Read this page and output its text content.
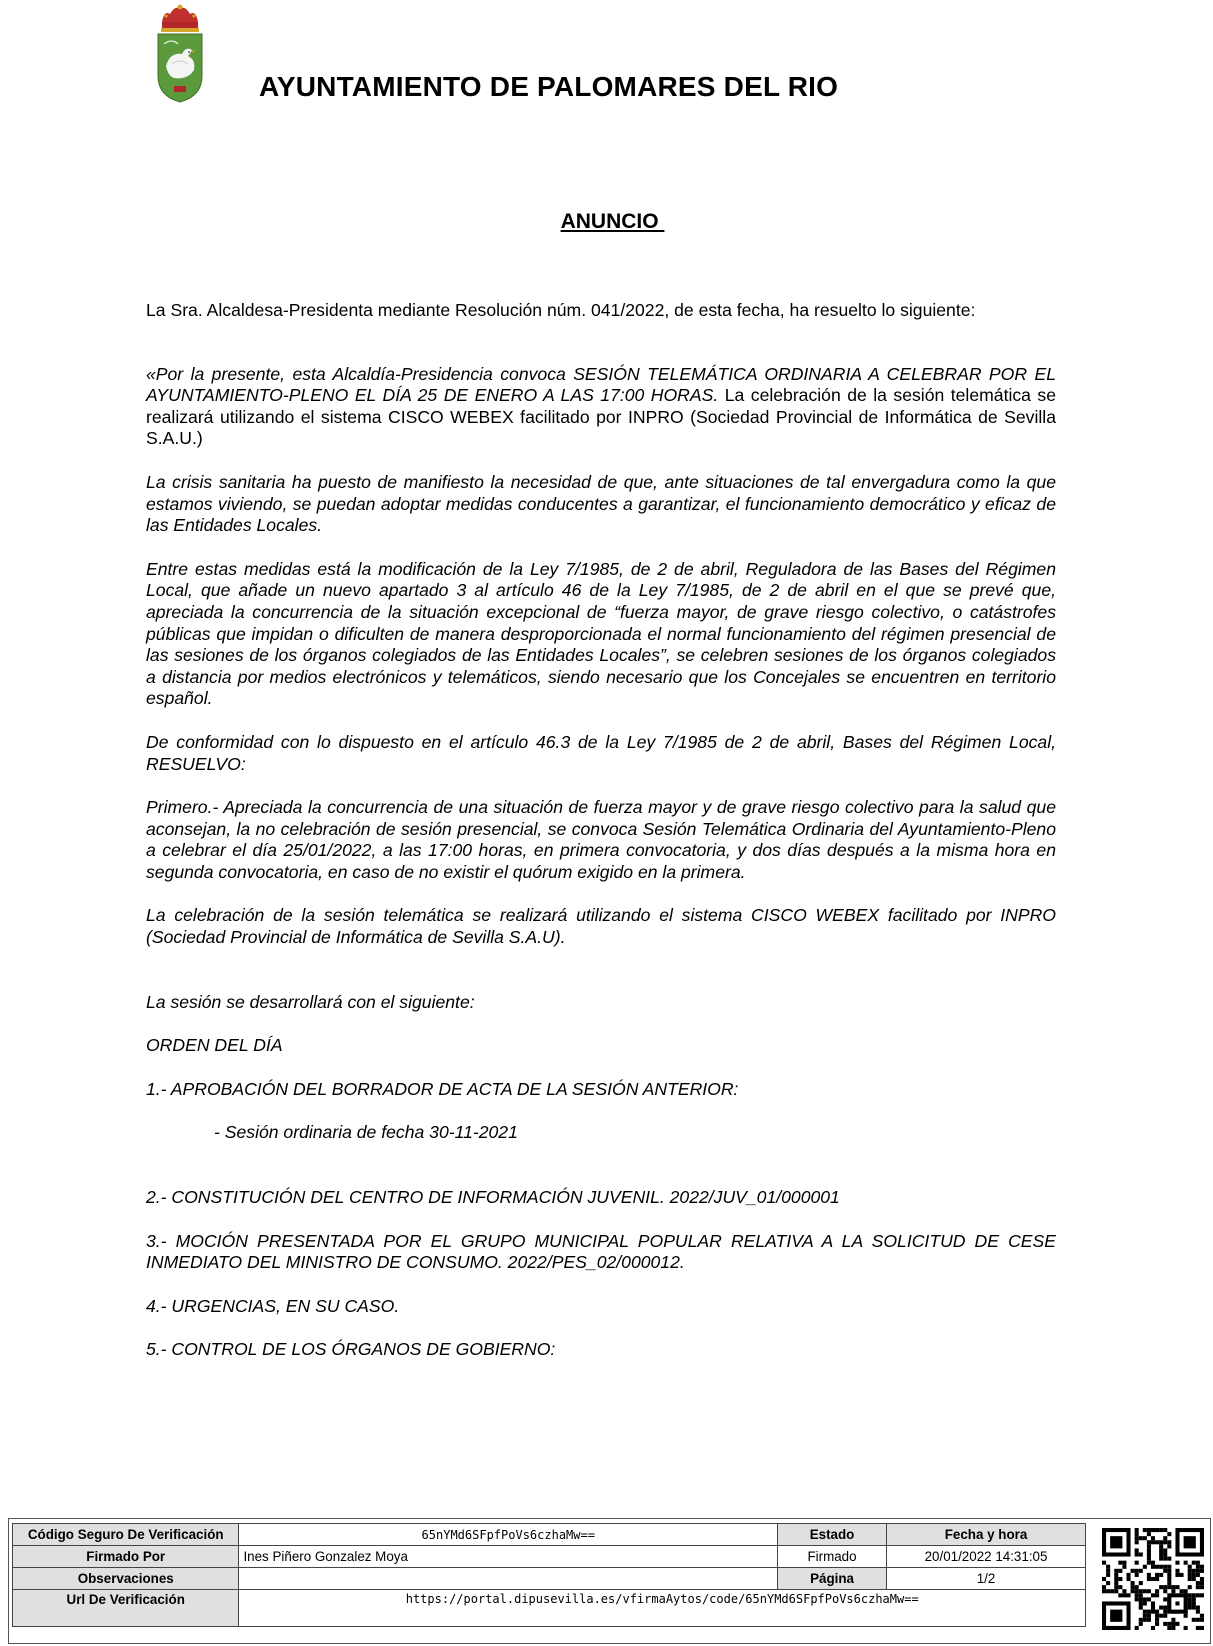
AYUNTAMIENTO DE PALOMARES DEL RIO
ANUNCIO

La Sra. Alcaldesa-Presidenta mediante Resolución núm. 041/2022, de esta fecha, ha resuelto lo siguiente:

«Por la presente, esta Alcaldía-Presidencia convoca SESIÓN TELEMÁTICA ORDINARIA A CELEBRAR POR EL AYUNTAMIENTO-PLENO EL DÍA 25 DE ENERO A LAS 17:00 HORAS. La celebración de la sesión telemática se realizará utilizando el sistema CISCO WEBEX facilitado por INPRO (Sociedad Provincial de Informática de Sevilla S.A.U.)

La crisis sanitaria ha puesto de manifiesto la necesidad de que, ante situaciones de tal envergadura como la que estamos viviendo, se puedan adoptar medidas conducentes a garantizar, el funcionamiento democrático y eficaz de las Entidades Locales.

Entre estas medidas está la modificación de la Ley 7/1985, de 2 de abril, Reguladora de las Bases del Régimen Local, que añade un nuevo apartado 3 al artículo 46 de la Ley 7/1985, de 2 de abril en el que se prevé que, apreciada la concurrencia de la situación excepcional de “fuerza mayor, de grave riesgo colectivo, o catástrofes públicas que impidan o dificulten de manera desproporcionada el normal funcionamiento del régimen presencial de las sesiones de los órganos colegiados de las Entidades Locales”, se celebren sesiones de los órganos colegiados a distancia por medios electrónicos y telemáticos, siendo necesario que los Concejales se encuentren en territorio español.

De conformidad con lo dispuesto en el artículo 46.3 de la Ley 7/1985 de 2 de abril, Bases del Régimen Local, RESUELVO:

Primero.- Apreciada la concurrencia de una situación de fuerza mayor y de grave riesgo colectivo para la salud que aconsejan, la no celebración de sesión presencial, se convoca Sesión Telemática Ordinaria del Ayuntamiento-Pleno a celebrar el día 25/01/2022, a las 17:00 horas, en primera convocatoria, y dos días después a la misma hora en segunda convocatoria, en caso de no existir el quórum exigido en la primera.

La celebración de la sesión telemática se realizará utilizando el sistema CISCO WEBEX facilitado por INPRO (Sociedad Provincial de Informática de Sevilla S.A.U).

La sesión se desarrollará con el siguiente:

ORDEN DEL DÍA

1.- APROBACIÓN DEL BORRADOR DE ACTA DE LA SESIÓN ANTERIOR:

- Sesión ordinaria de fecha 30-11-2021

2.- CONSTITUCIÓN DEL CENTRO DE INFORMACIÓN JUVENIL. 2022/JUV_01/000001

3.- MOCIÓN PRESENTADA POR EL GRUPO MUNICIPAL POPULAR RELATIVA A LA SOLICITUD DE CESE INMEDIATO DEL MINISTRO DE CONSUMO. 2022/PES_02/000012.

4.- URGENCIAS, EN SU CASO.

5.- CONTROL DE LOS ÓRGANOS DE GOBIERNO:

Código Seguro De Verificación	65nYMd6SFpfPoVs6czhaMw==	Estado	Fecha y hora
Firmado Por	Ines Piñero Gonzalez Moya	Firmado	20/01/2022 14:31:05
Observaciones		Página	1/2
Url De Verificación	https://portal.dipusevilla.es/vfirmaAytos/code/65nYMd6SFpfPoVs6czhaMw==		
